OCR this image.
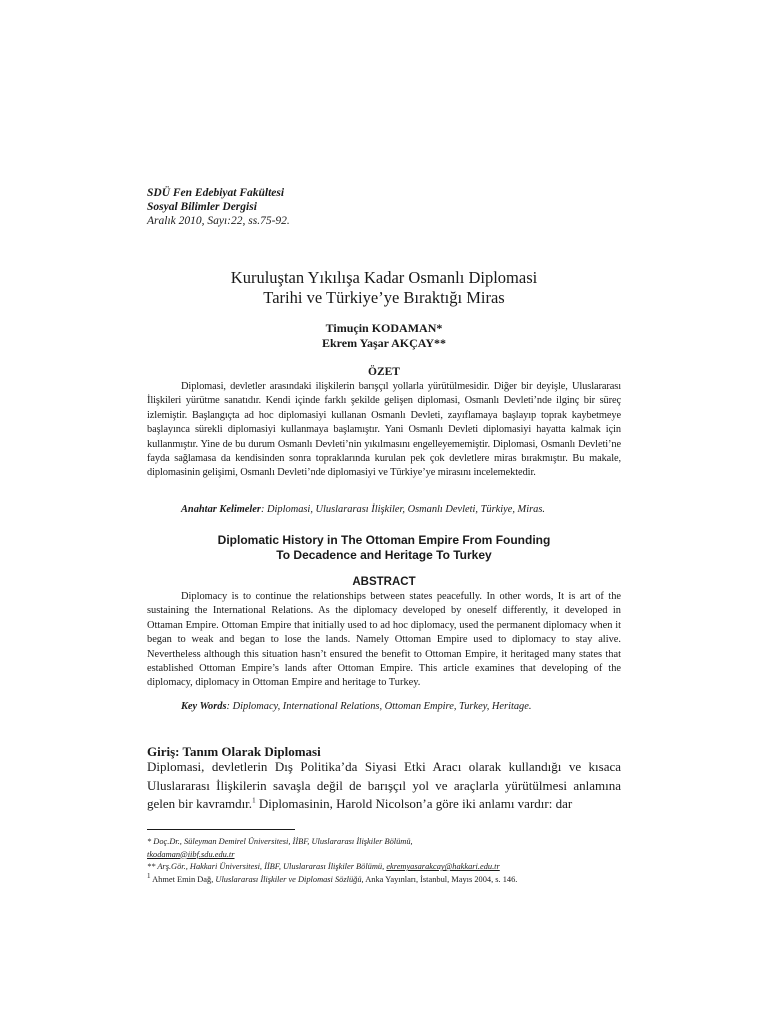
SDÜ Fen Edebiyat Fakültesi
Sosyal Bilimler Dergisi
Aralık 2010, Sayı:22, ss.75-92.
Kuruluştan Yıkılışa Kadar Osmanlı Diplomasi
Tarihi ve Türkiye’ye Bıraktığı Miras
Timuçin KODAMAN*
Ekrem Yaşar AKÇAY**
ÖZET

Diplomasi, devletler arasındaki ilişkilerin barışçıl yollarla yürütülmesidir. Diğer bir deyişle, Uluslararası İlişkileri yürütme sanatıdır. Kendi içinde farklı şekilde gelişen diplomasi, Osmanlı Devleti’nde ilginç bir süreç izlemiştir. Başlangıçta ad hoc diplomasiyi kullanan Osmanlı Devleti, zayıflamaya başlayıp toprak kaybetmeye başlayınca sürekli diplomasiyi kullanmaya başlamıştır. Yani Osmanlı Devleti diplomasiyi hayatta kalmak için kullanmıştır. Yine de bu durum Osmanlı Devleti’nin yıkılmasını engelleyememiştir. Diplomasi, Osmanlı Devleti’ne fayda sağlamasa da kendisinden sonra topraklarında kurulan pek çok devletlere miras bırakmıştır. Bu makale, diplomasinin gelişimi, Osmanlı Devleti’nde diplomasiyi ve Türkiye’ye mirasını incelemektedir.

Anahtar Kelimeler: Diplomasi, Uluslararası İlişkiler, Osmanlı Devleti, Türkiye, Miras.
Diplomatic History in The Ottoman Empire From Founding
To Decadence and Heritage To Turkey
ABSTRACT

Diplomacy is to continue the relationships between states peacefully. In other words, It is art of the sustaining the International Relations. As the diplomacy developed by oneself differently, it developed in Ottaman Empire. Ottoman Empire that initially used to ad hoc diplomacy, used the permanent diplomacy when it began to weak and began to lose the lands. Namely Ottoman Empire used to diplomacy to stay alive. Nevertheless although this situation hasn’t ensured the benefit to Ottoman Empire, it heritaged many states that established Ottoman Empire’s lands after Ottoman Empire. This article examines that developing of the diplomacy, diplomacy in Ottoman Empire and heritage to Turkey.

Key Words: Diplomacy, International Relations, Ottoman Empire, Turkey, Heritage.
Giriş: Tanım Olarak Diplomasi

Diplomasi, devletlerin Dış Politika’da Siyasi Etki Aracı olarak kullandığı ve kısaca Uluslararası İlişkilerin savaşla değil de barışçıl yol ve araçlarla yürütülmesi anlamına gelen bir kavramdır.$^1$ Diplomasinin, Harold Nicolson’a göre iki anlamı vardır: dar

* Doç.Dr., Süleyman Demirel Üniversitesi, İİBF, Uluslararası İlişkiler Bölümü,
tkodaman@iibf.sdu.edu.tr
** Arş.Gör., Hakkari Üniversitesi, İİBF, Uluslararası İlişkiler Bölümü, ekremyasarakcay@hakkari.edu.tr
$^1$ Ahmet Emin Dağ, Uluslararası İlişkiler ve Diplomasi Sözlüğü, Anka Yayınları, İstanbul, Mayıs 2004, s. 146.
